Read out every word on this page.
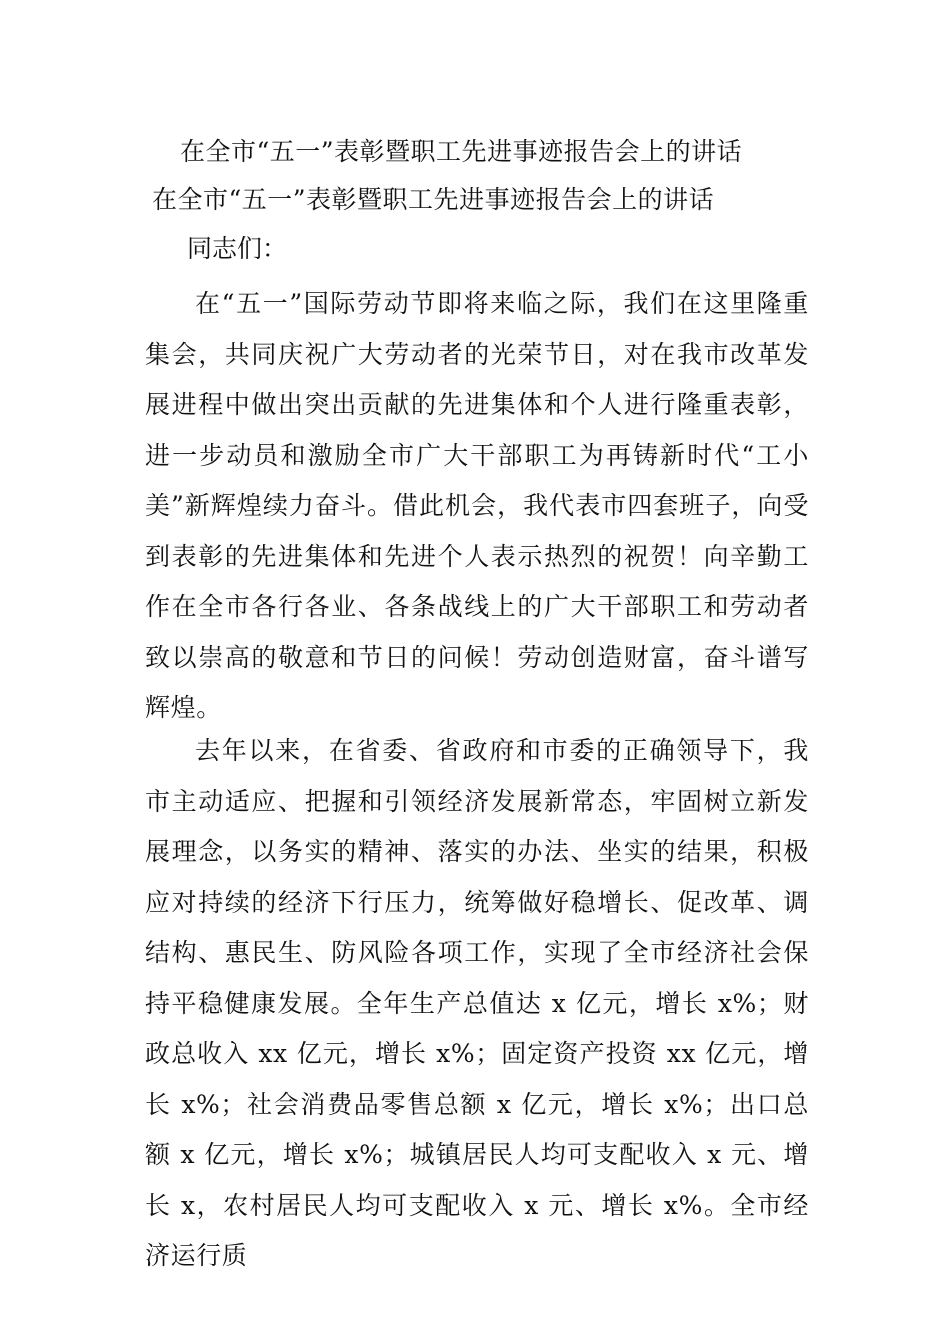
在全市“五一”表彰暨职工先进事迹报告会上的讲话
在全市“五一”表彰暨职工先进事迹报告会上的讲话
同志们：

在“五一”国际劳动节即将来临之际，我们在这里隆重集会，共同庆祝广大劳动者的光荣节日，对在我市改革发展进程中做出突出贡献的先进集体和个人进行隆重表彰，进一步动员和激励全市广大干部职工为再铸新时代“工小美”新辉煌续力奋斗。借此机会，我代表市四套班子，向受到表彰的先进集体和先进个人表示热烈的祝贺！向辛勤工作在全市各行各业、各条战线上的广大干部职工和劳动者致以崇高的敬意和节日的问候！劳动创造财富，奋斗谱写辉煌。

去年以来，在省委、省政府和市委的正确领导下，我市主动适应、把握和引领经济发展新常态，牢固树立新发展理念，以务实的精神、落实的办法、坐实的结果，积极应对持续的经济下行压力，统筹做好稳增长、促改革、调结构、惠民生、防风险各项工作，实现了全市经济社会保持平稳健康发展。全年生产总值达 x 亿元，增长 x%；财政总收入 xx 亿元，增长 x%；固定资产投资 xx 亿元，增长 x%；社会消费品零售总额 x 亿元，增长 x%；出口总额 x 亿元，增长 x%；城镇居民人均可支配收入 x 元、增长 x，农村居民人均可支配收入 x 元、增长 x%。全市经济运行质
